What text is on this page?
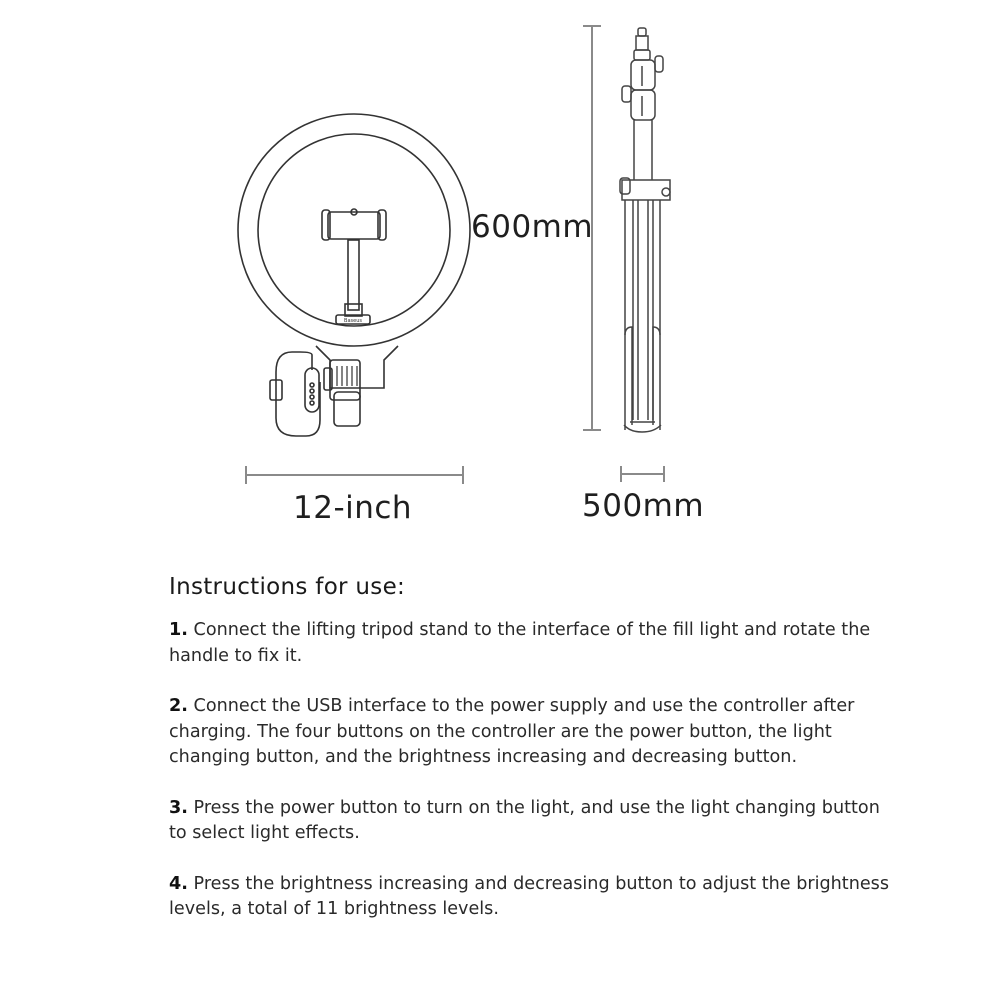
Baseus
12-inch
600mm
500mm
Instructions for use:

1. Connect the lifting tripod stand to the interface of the fill light and rotate the handle to fix it.

2. Connect the USB interface to the power supply and use the controller after charging. The four buttons on the controller are the power button, the light changing button, and the brightness increasing and decreasing button.

3. Press the power button to turn on the light, and use the light changing button to select light effects.

4. Press the brightness increasing and decreasing button to adjust the brightness levels, a total of 11 brightness levels.
